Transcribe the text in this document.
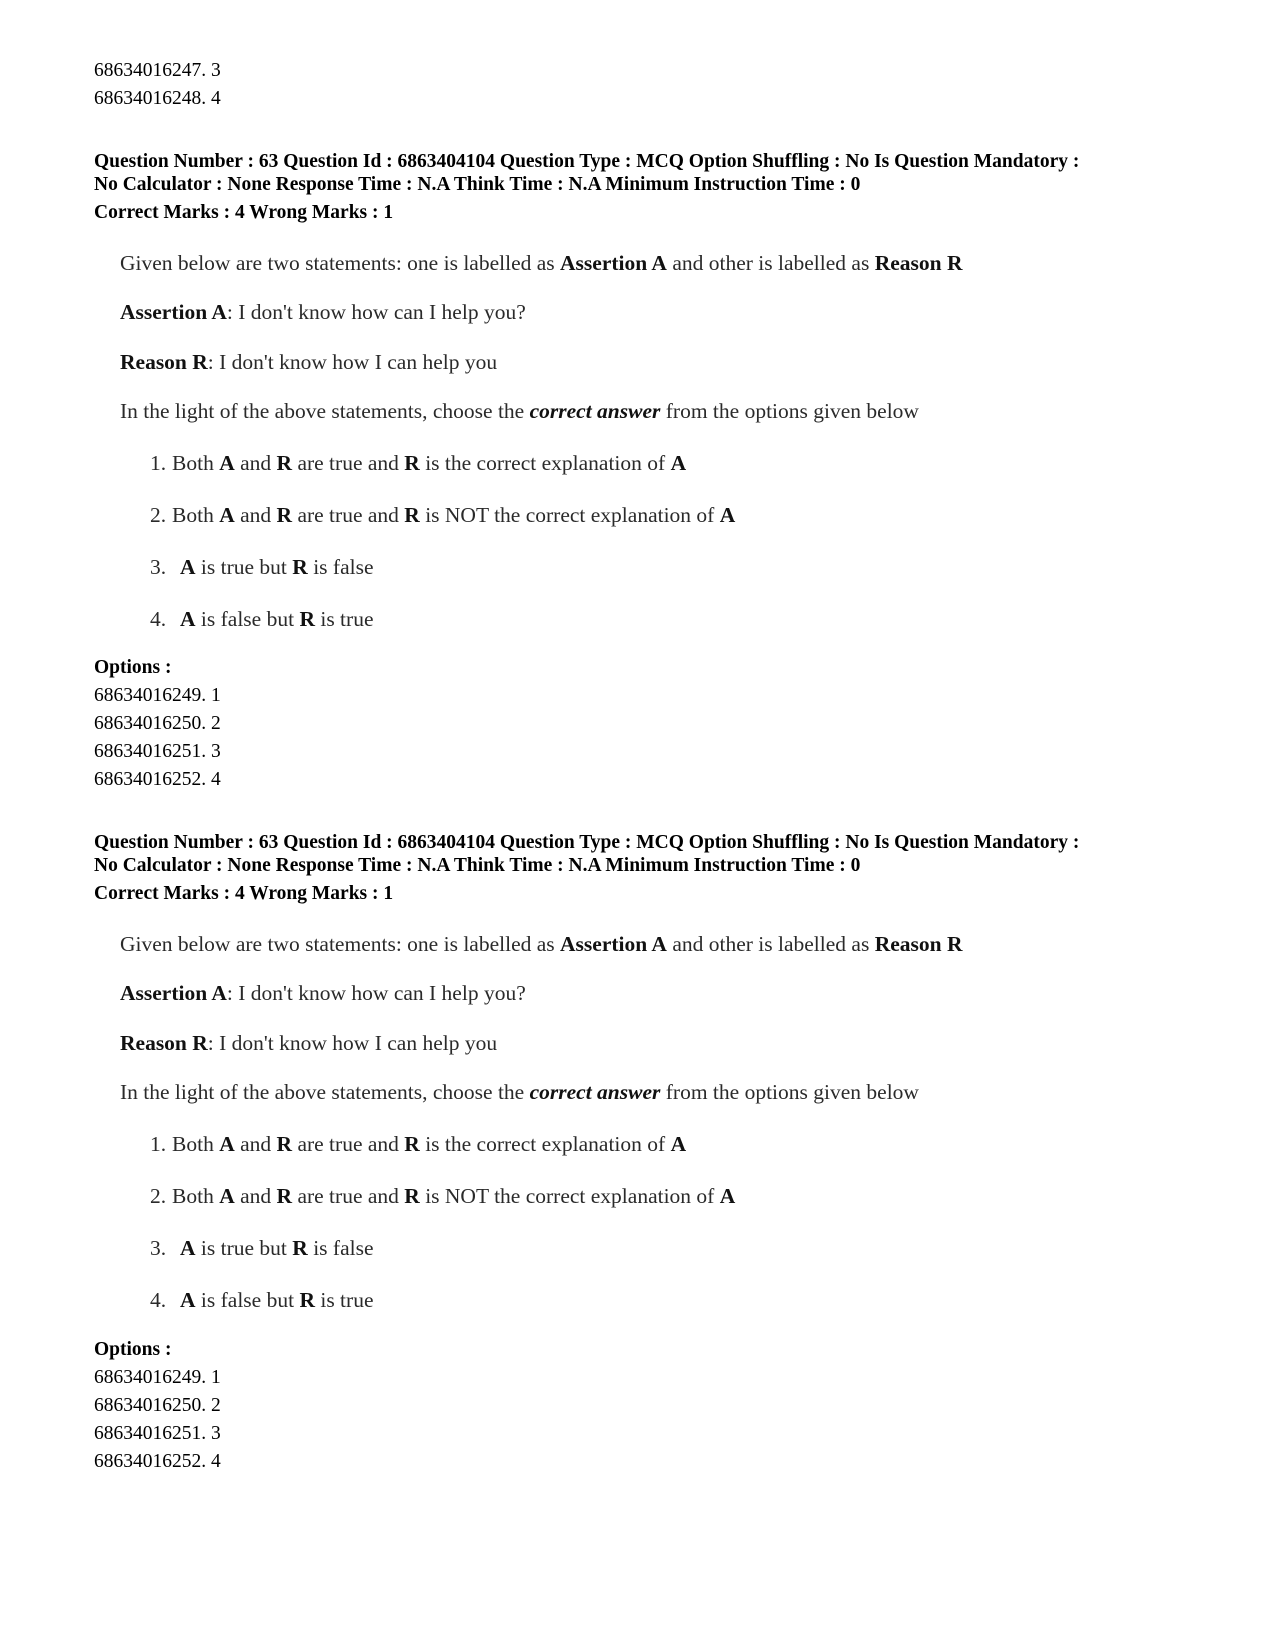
68634016247. 3
68634016248. 4
Question Number : 63 Question Id : 6863404104 Question Type : MCQ Option Shuffling : No Is Question Mandatory :
No Calculator : None Response Time : N.A Think Time : N.A Minimum Instruction Time : 0
Correct Marks : 4 Wrong Marks : 1
Given below are two statements: one is labelled as Assertion A and other is labelled as Reason R
Assertion A: I don't know how can I help you?
Reason R: I don't know how I can help you
In the light of the above statements, choose the correct answer from the options given below
1. Both A and R are true and R is the correct explanation of A
2. Both A and R are true and R is NOT the correct explanation of A
3. A is true but R is false
4. A is false but R is true
Options :
68634016249. 1
68634016250. 2
68634016251. 3
68634016252. 4
Question Number : 63 Question Id : 6863404104 Question Type : MCQ Option Shuffling : No Is Question Mandatory :
No Calculator : None Response Time : N.A Think Time : N.A Minimum Instruction Time : 0
Correct Marks : 4 Wrong Marks : 1
Given below are two statements: one is labelled as Assertion A and other is labelled as Reason R
Assertion A: I don't know how can I help you?
Reason R: I don't know how I can help you
In the light of the above statements, choose the correct answer from the options given below
1. Both A and R are true and R is the correct explanation of A
2. Both A and R are true and R is NOT the correct explanation of A
3. A is true but R is false
4. A is false but R is true
Options :
68634016249. 1
68634016250. 2
68634016251. 3
68634016252. 4
